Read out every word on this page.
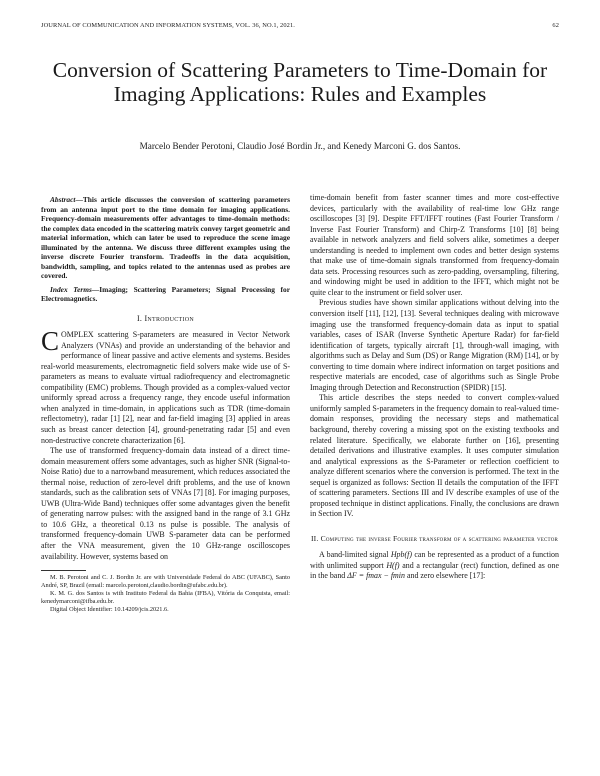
JOURNAL OF COMMUNICATION AND INFORMATION SYSTEMS, VOL. 36, NO.1, 2021.	62
Conversion of Scattering Parameters to Time-Domain for Imaging Applications: Rules and Examples
Marcelo Bender Perotoni, Claudio José Bordin Jr., and Kenedy Marconi G. dos Santos.

Abstract—This article discusses the conversion of scattering parameters from an antenna input port to the time domain for imaging applications. Frequency-domain measurements offer advantages to time-domain methods: the complex data encoded in the scattering matrix convey target geometric and material information, which can later be used to reproduce the scene image illuminated by the antenna. We discuss three different examples using the inverse discrete Fourier transform. Tradeoffs in the data acquisition, bandwidth, sampling, and topics related to the antennas used as probes are covered.

Index Terms—Imaging; Scattering Parameters; Signal Processing for Electromagnetics.

I. Introduction

COMPLEX scattering S-parameters are measured in Vector Network Analyzers (VNAs) and provide an understanding of the behavior and performance of linear passive and active elements and systems. Besides real-world measurements, electromagnetic field solvers make wide use of S-parameters as means to evaluate virtual radiofrequency and electromagnetic compatibility (EMC) problems. Though provided as a complex-valued vector uniformly spread across a frequency range, they encode useful information when analyzed in time-domain, in applications such as TDR (time-domain reflectometry), radar [1] [2], near and far-field imaging [3] applied in areas such as breast cancer detection [4], ground-penetrating radar [5] and even non-destructive concrete characterization [6].

The use of transformed frequency-domain data instead of a direct time-domain measurement offers some advantages, such as higher SNR (Signal-to-Noise Ratio) due to a narrowband measurement, which reduces associated the thermal noise, reduction of zero-level drift problems, and the use of known standards, such as the calibration sets of VNAs [7] [8]. For imaging purposes, UWB (Ultra-Wide Band) techniques offer some advantages given the benefit of generating narrow pulses: with the assigned band in the range of 3.1 GHz to 10.6 GHz, a theoretical 0.13 ns pulse is possible. The analysis of transformed frequency-domain UWB S-parameter data can be performed after the VNA measurement, given the 10 GHz-range oscilloscopes availability. However, systems based on

M. B. Perotoni and C. J. Bordin Jr. are with Universidade Federal do ABC (UFABC), Santo André, SP, Brazil (email: marcelo.perotoni,claudio.bordin@ufabc.edu.br).

K. M. G. dos Santos is with Instituto Federal da Bahia (IFBA), Vitória da Conquista, email: kenedymarconi@ifba.edu.br.

Digital Object Identifier: 10.14209/jcis.2021.6.

time-domain benefit from faster scanner times and more cost-effective devices, particularly with the availability of real-time low GHz range oscilloscopes [3] [9]. Despite FFT/IFFT routines (Fast Fourier Transform / Inverse Fast Fourier Transform) and Chirp-Z Transforms [10] [8] being available in network analyzers and field solvers alike, sometimes a deeper understanding is needed to implement own codes and better design systems that make use of time-domain signals transformed from frequency-domain data sets. Processing resources such as zero-padding, oversampling, filtering, and windowing might be used in addition to the IFFT, which might not be quite clear to the instrument or field solver user.

Previous studies have shown similar applications without delving into the conversion itself [11], [12], [13]. Several techniques dealing with microwave imaging use the transformed frequency-domain data as input to spatial variables, cases of ISAR (Inverse Synthetic Aperture Radar) for far-field identification of targets, typically aircraft [1], through-wall imaging, with algorithms such as Delay and Sum (DS) or Range Migration (RM) [14], or by converting to time domain where indirect information on target positions and respective materials are encoded, case of algorithms such as Single Probe Imaging through Detection and Reconstruction (SPIDR) [15].

This article describes the steps needed to convert complex-valued uniformly sampled S-parameters in the frequency domain to real-valued time-domain responses, providing the necessary steps and mathematical background, thereby covering a missing spot on the existing textbooks and related literature. Specifically, we elaborate further on [16], presenting detailed derivations and illustrative examples. It uses computer simulation and analytical expressions as the S-Parameter or reflection coefficient to analyze different scenarios where the conversion is performed. The text in the sequel is organized as follows: Section II details the computation of the IFFT of scattering parameters. Sections III and IV describe examples of use of the proposed technique in distinct applications. Finally, the conclusions are drawn in Section IV.

II. Computing the inverse Fourier transform of a scattering parameter vector

A band-limited signal Hpb(f) can be represented as a product of a function with unlimited support H(f) and a rectangular (rect) function, defined as one in the band ΔF = fmax − fmin and zero elsewhere [17]:
